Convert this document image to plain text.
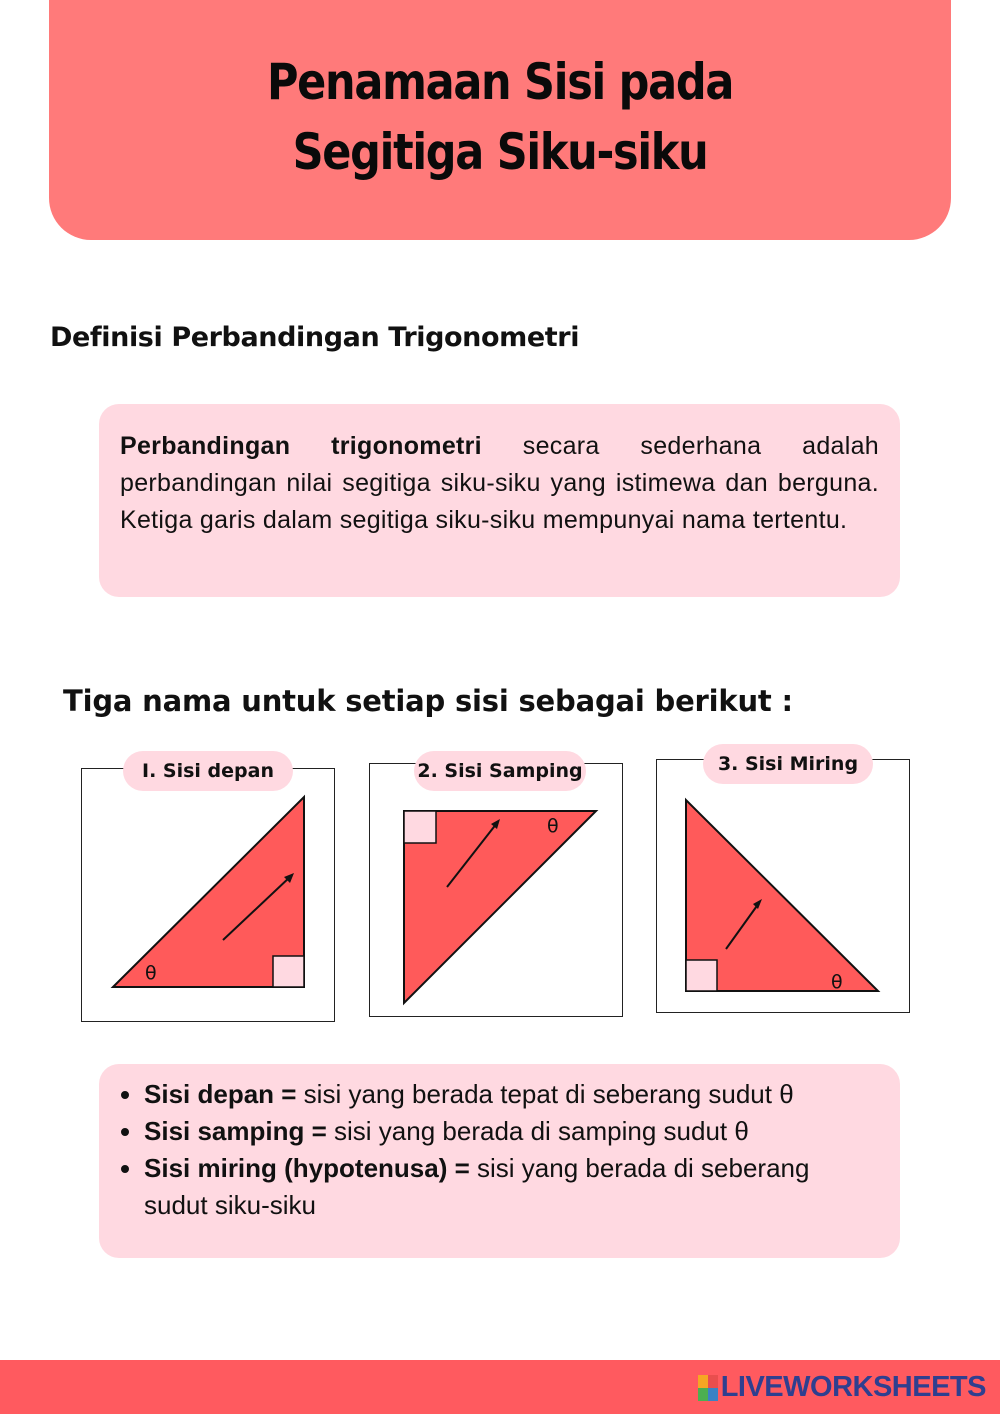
Penamaan Sisi pada
Segitiga Siku-siku
Definisi Perbandingan Trigonometri

Perbandingan trigonometri secara sederhana adalah perbandingan nilai segitiga siku-siku yang istimewa dan berguna. Ketiga garis dalam segitiga siku-siku mempunyai nama tertentu.

Tiga nama untuk setiap sisi sebagai berikut :
θ
I. Sisi depan
θ
2. Sisi Samping
θ
3. Sisi Miring
• Sisi depan = sisi yang berada tepat di seberang sudut θ
• Sisi samping = sisi yang berada di samping sudut θ
• Sisi miring (hypotenusa) = sisi yang berada di seberang sudut siku-siku
LIVEWORKSHEETS
